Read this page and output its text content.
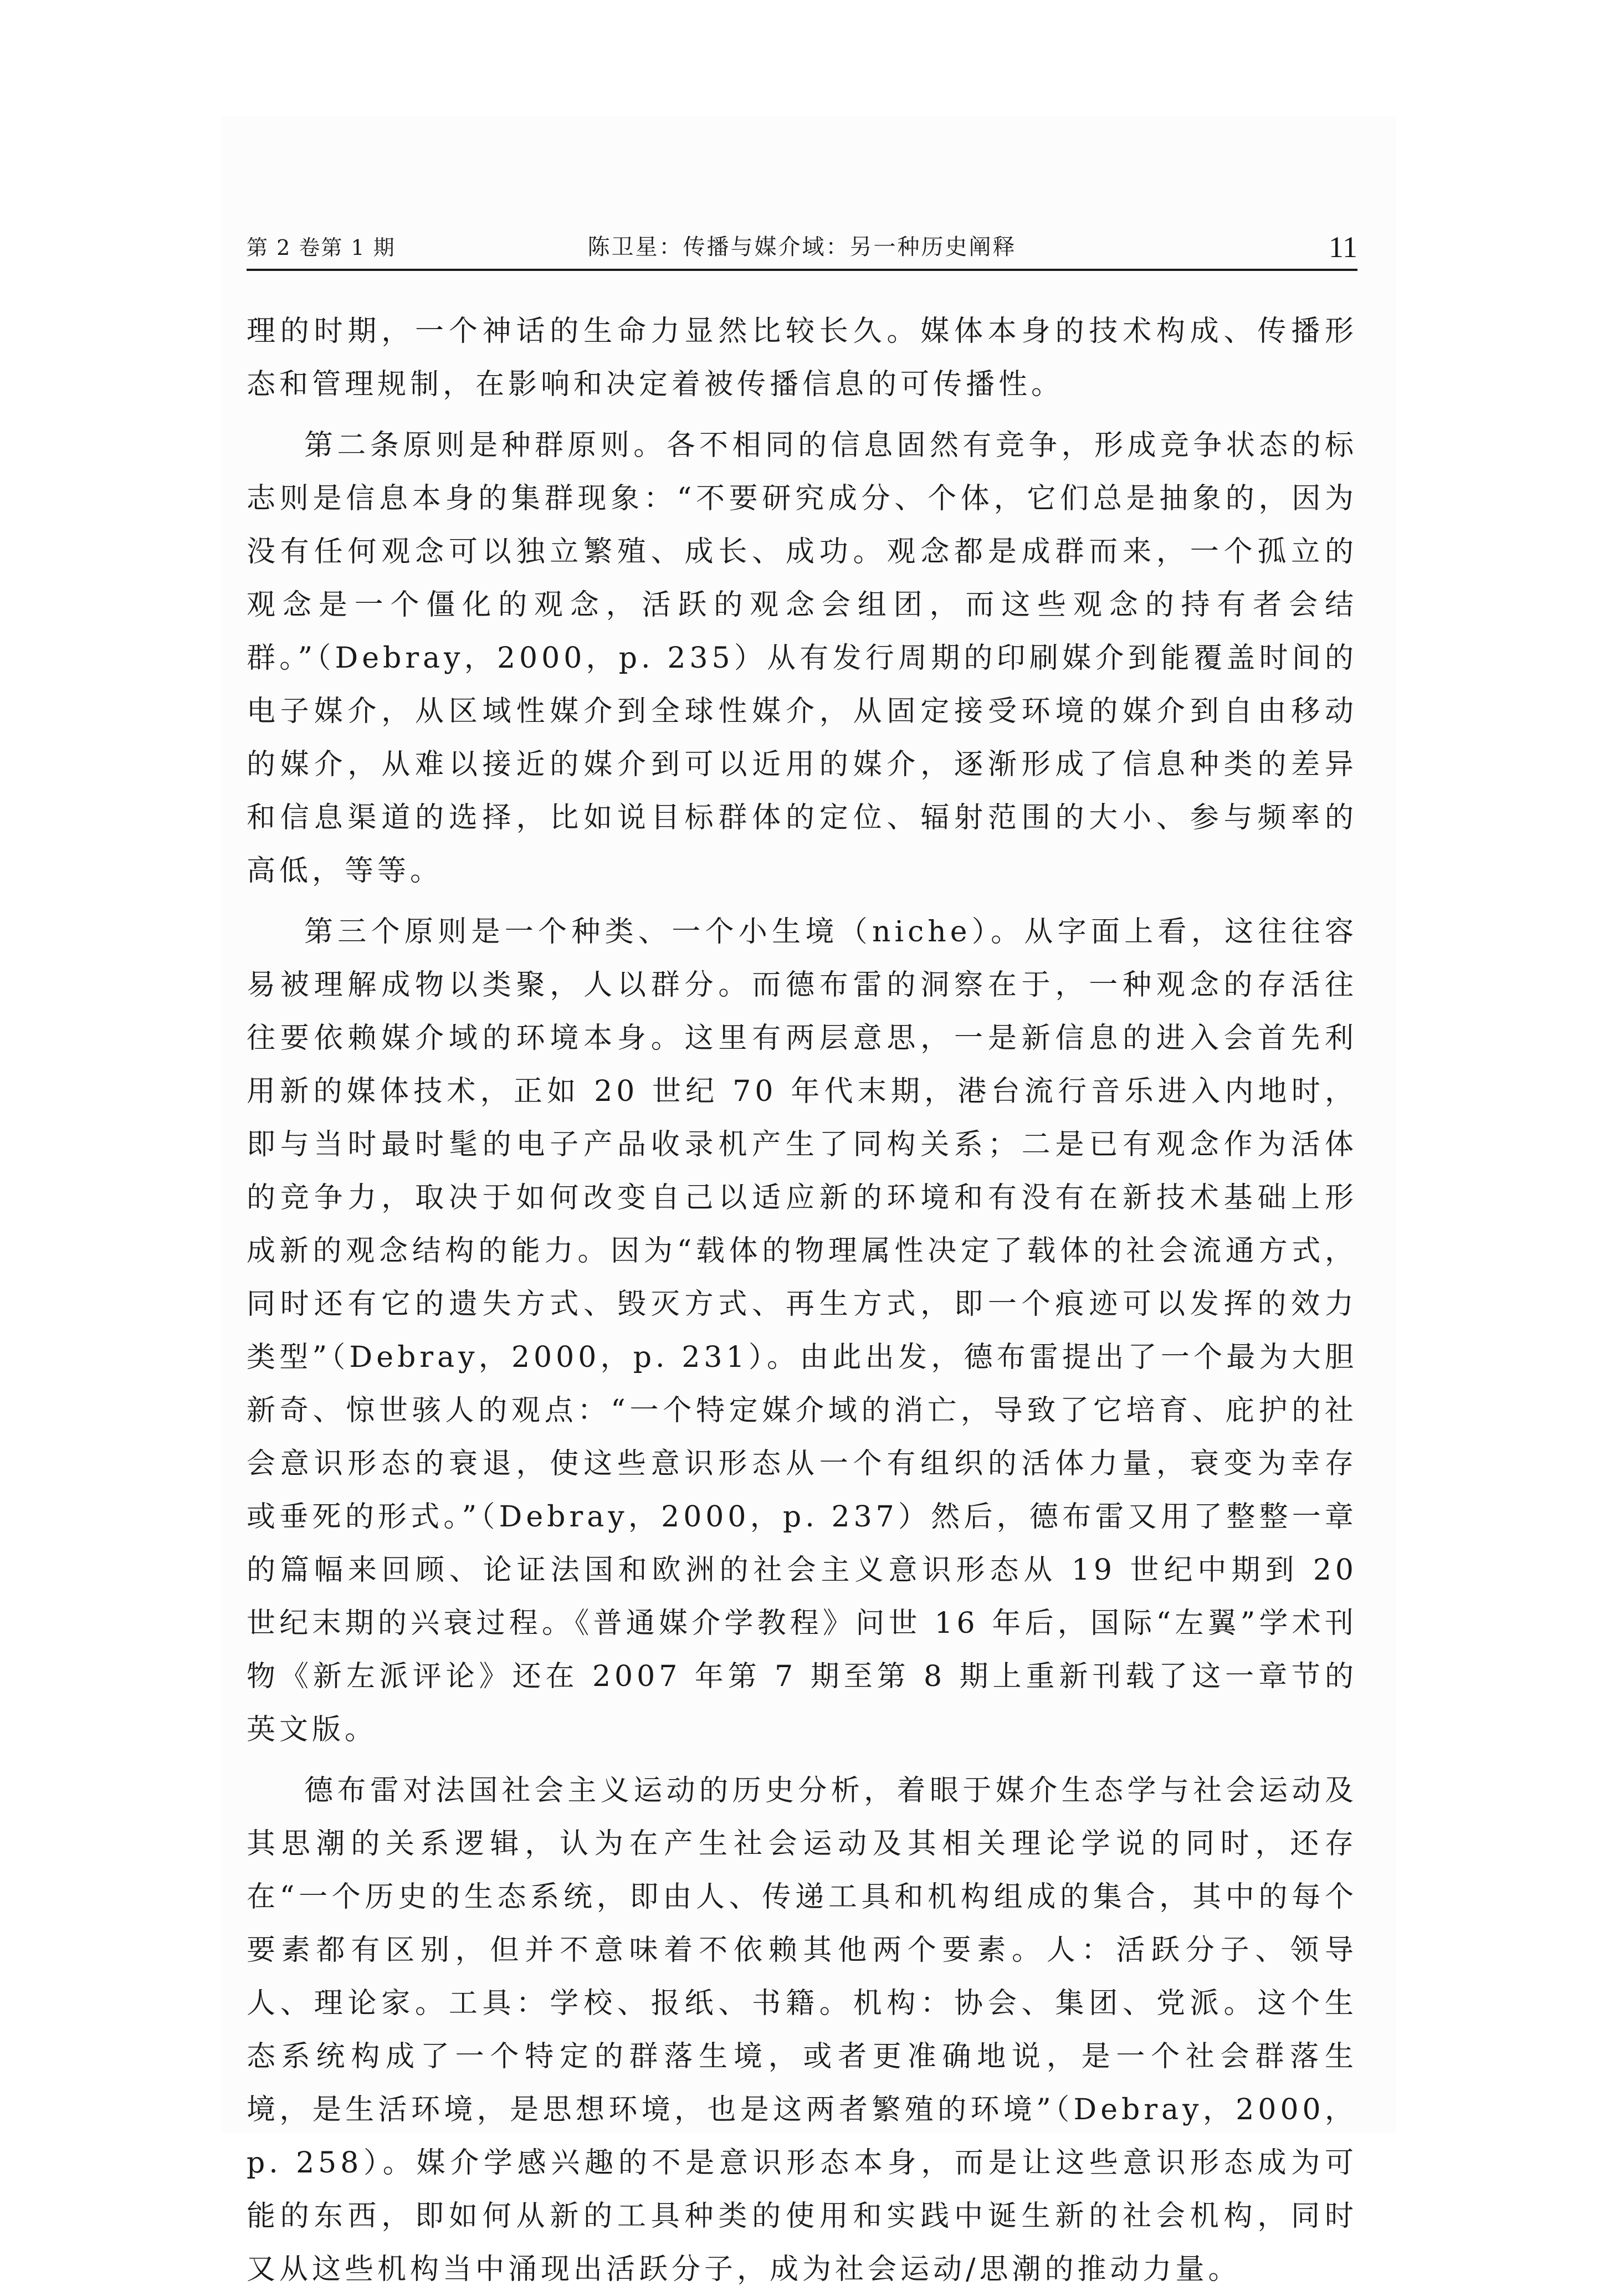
第 2 卷第 1 期	陈卫星：传播与媒介域：另一种历史阐释	11

理的时期，一个神话的生命力显然比较长久。媒体本身的技术构成、传播形态和管理规制，在影响和决定着被传播信息的可传播性。

第二条原则是种群原则。各不相同的信息固然有竞争，形成竞争状态的标志则是信息本身的集群现象：“不要研究成分、个体，它们总是抽象的，因为没有任何观念可以独立繁殖、成长、成功。观念都是成群而来，一个孤立的观念是一个僵化的观念，活跃的观念会组团，而这些观念的持有者会结群。”（Debray，2000，p. 235）从有发行周期的印刷媒介到能覆盖时间的电子媒介，从区域性媒介到全球性媒介，从固定接受环境的媒介到自由移动的媒介，从难以接近的媒介到可以近用的媒介，逐渐形成了信息种类的差异和信息渠道的选择，比如说目标群体的定位、辐射范围的大小、参与频率的高低，等等。

第三个原则是一个种类、一个小生境（niche）。从字面上看，这往往容易被理解成物以类聚，人以群分。而德布雷的洞察在于，一种观念的存活往往要依赖媒介域的环境本身。这里有两层意思，一是新信息的进入会首先利用新的媒体技术，正如 20 世纪 70 年代末期，港台流行音乐进入内地时，即与当时最时髦的电子产品收录机产生了同构关系；二是已有观念作为活体的竞争力，取决于如何改变自己以适应新的环境和有没有在新技术基础上形成新的观念结构的能力。因为“载体的物理属性决定了载体的社会流通方式，同时还有它的遗失方式、毁灭方式、再生方式，即一个痕迹可以发挥的效力类型”（Debray，2000，p. 231）。由此出发，德布雷提出了一个最为大胆新奇、惊世骇人的观点：“一个特定媒介域的消亡，导致了它培育、庇护的社会意识形态的衰退，使这些意识形态从一个有组织的活体力量，衰变为幸存或垂死的形式。”（Debray，2000，p. 237）然后，德布雷又用了整整一章的篇幅来回顾、论证法国和欧洲的社会主义意识形态从 19 世纪中期到 20 世纪末期的兴衰过程。《普通媒介学教程》问世 16 年后，国际“左翼”学术刊物《新左派评论》还在 2007 年第 7 期至第 8 期上重新刊载了这一章节的英文版。

德布雷对法国社会主义运动的历史分析，着眼于媒介生态学与社会运动及其思潮的关系逻辑，认为在产生社会运动及其相关理论学说的同时，还存在“一个历史的生态系统，即由人、传递工具和机构组成的集合，其中的每个要素都有区别，但并不意味着不依赖其他两个要素。人：活跃分子、领导人、理论家。工具：学校、报纸、书籍。机构：协会、集团、党派。这个生态系统构成了一个特定的群落生境，或者更准确地说，是一个社会群落生境，是生活环境，是思想环境，也是这两者繁殖的环境”（Debray，2000，p. 258）。媒介学感兴趣的不是意识形态本身，而是让这些意识形态成为可能的东西，即如何从新的工具种类的使用和实践中诞生新的社会机构，同时又从这些机构当中涌现出活跃分子，成为社会运动/思潮的推动力量。
